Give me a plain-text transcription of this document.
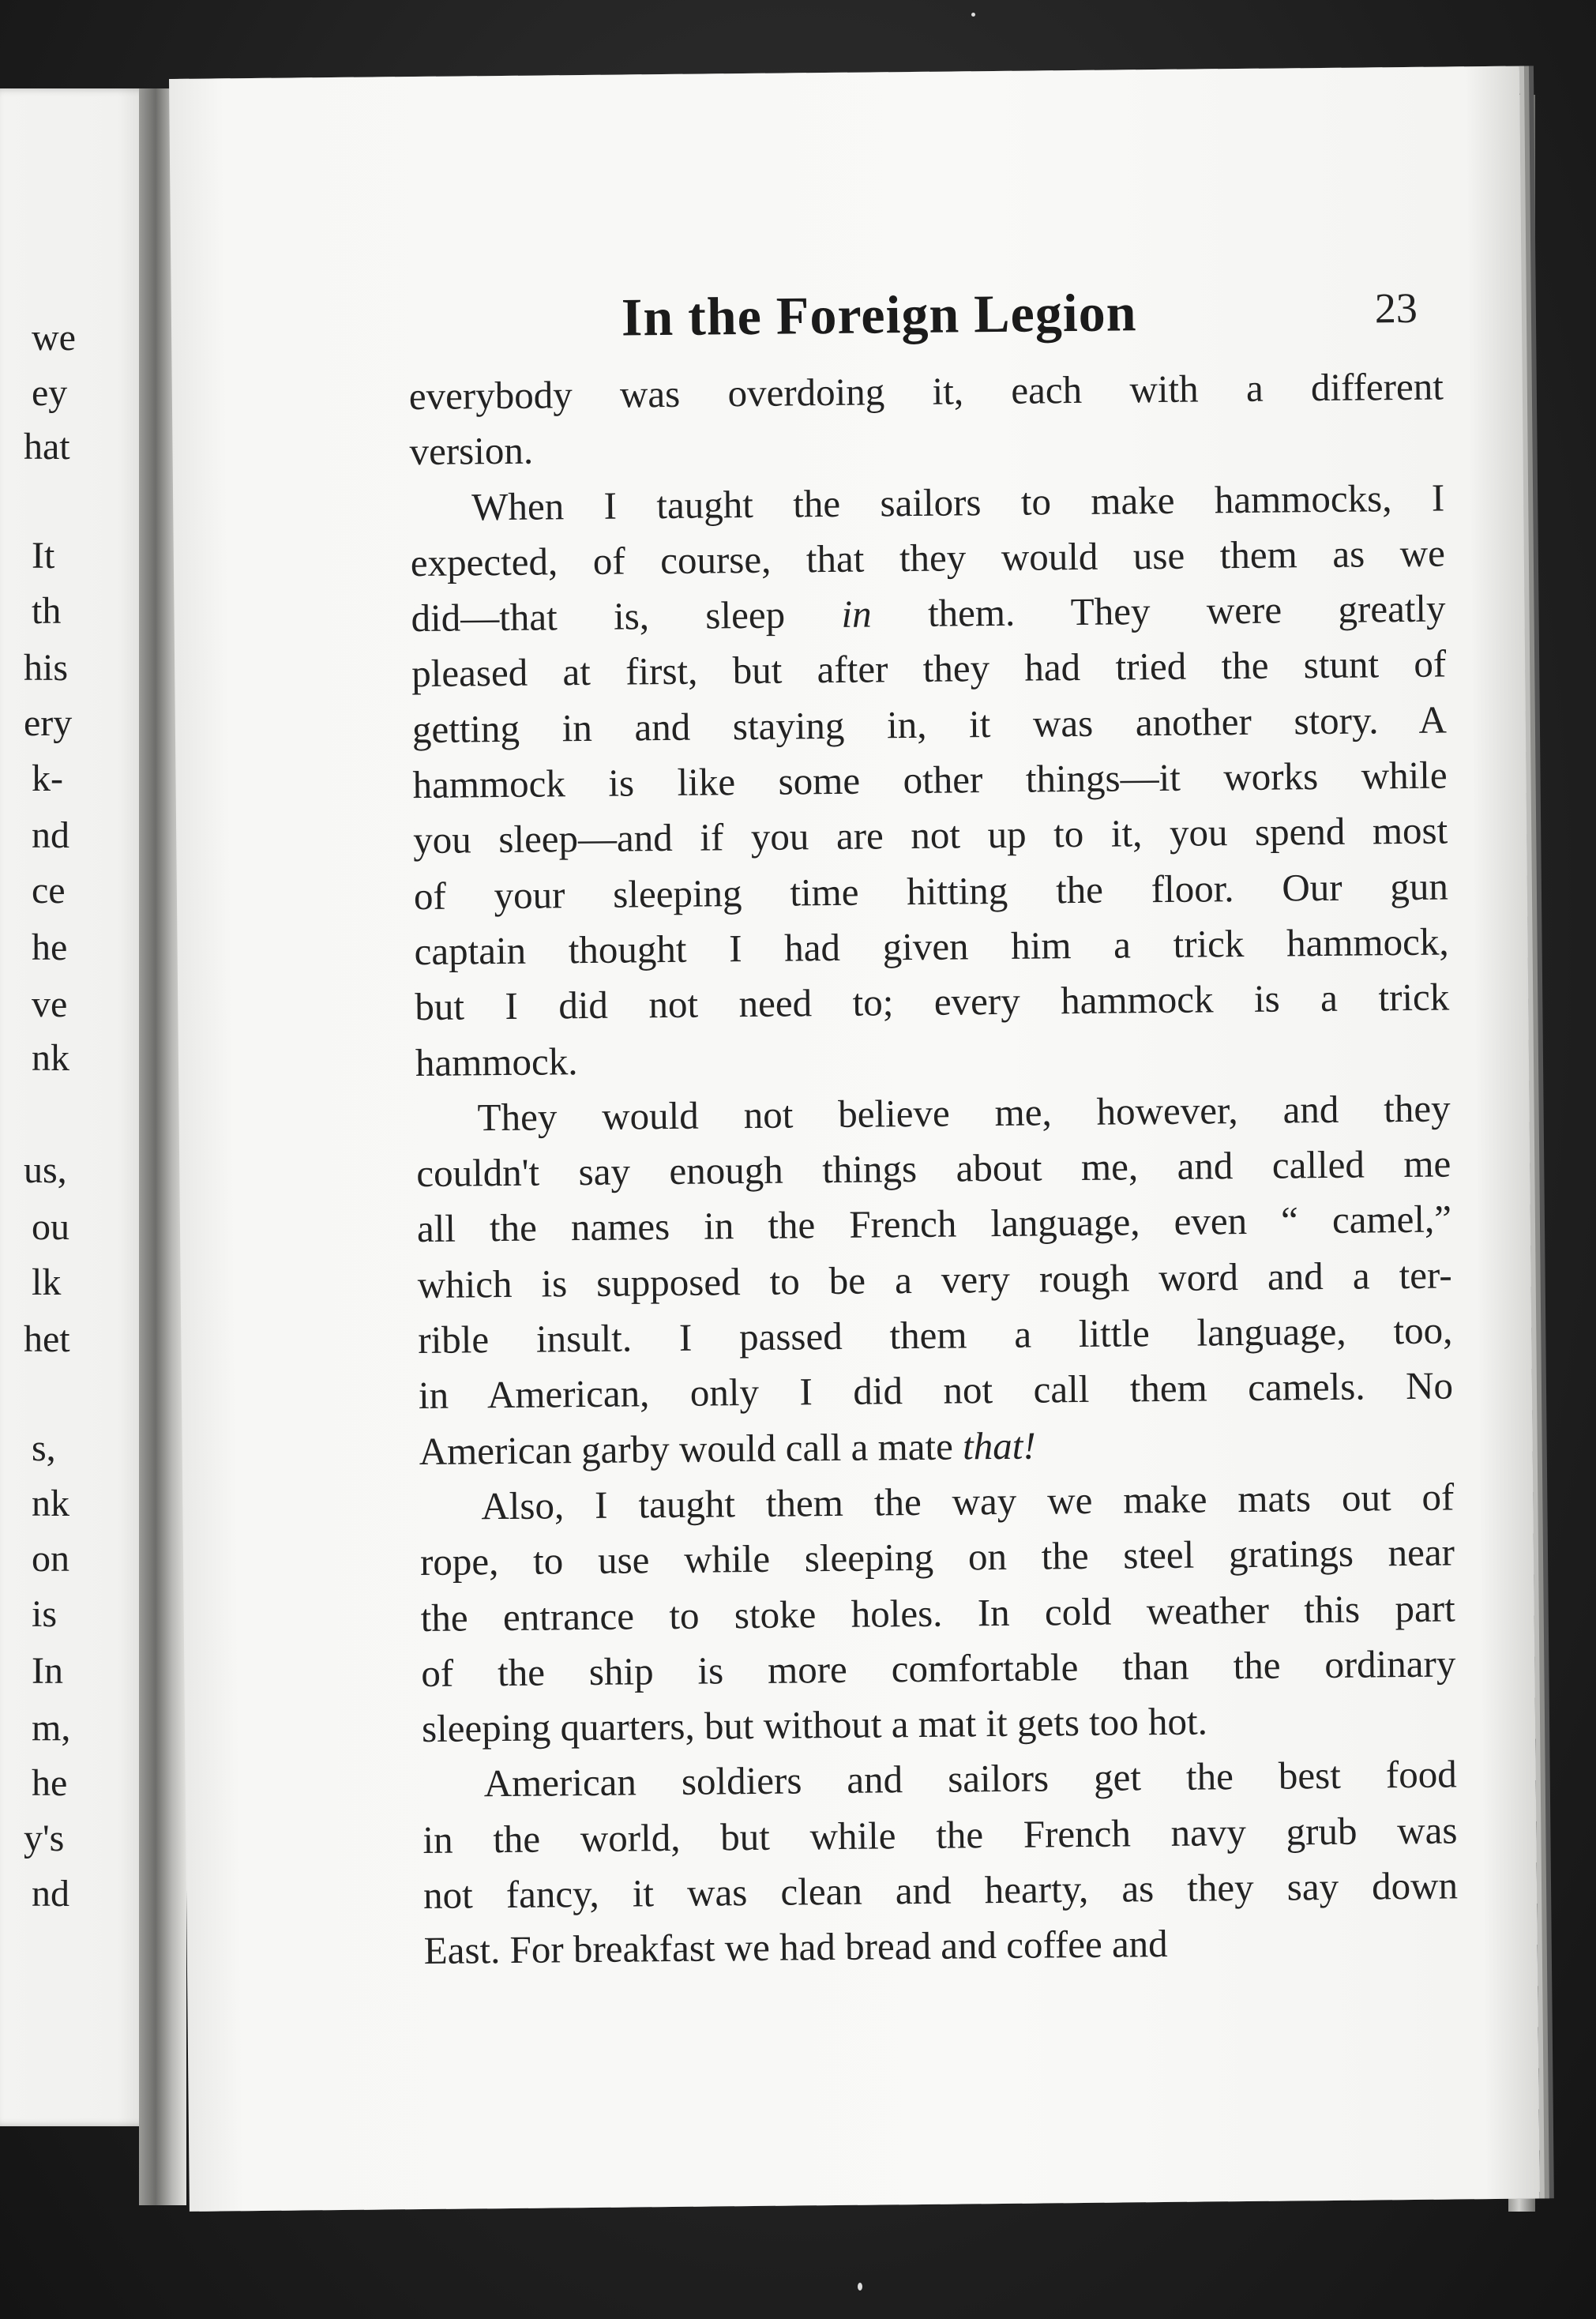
we
ey
hat
It
th
his
ery
k-
nd
ce
he
ve
nk
us,
ou
lk
het
s,
nk
on
is
In
m,
he
y's
nd
In the Foreign Legion	23
everybody was overdoing it, each with a different
version.
When I taught the sailors to make hammocks, I
expected, of course, that they would use them as we
did—that is, sleep in them. They were greatly
pleased at first, but after they had tried the stunt of
getting in and staying in, it was another story. A
hammock is like some other things—it works while
you sleep—and if you are not up to it, you spend most
of your sleeping time hitting the floor. Our gun
captain thought I had given him a trick hammock,
but I did not need to; every hammock is a trick
hammock.
They would not believe me, however, and they
couldn't say enough things about me, and called me
all the names in the French language, even “ camel,”
which is supposed to be a very rough word and a ter-
rible insult. I passed them a little language, too,
in American, only I did not call them camels. No
American garby would call a mate that!
Also, I taught them the way we make mats out of
rope, to use while sleeping on the steel gratings near
the entrance to stoke holes. In cold weather this part
of the ship is more comfortable than the ordinary
sleeping quarters, but without a mat it gets too hot.
American soldiers and sailors get the best food
in the world, but while the French navy grub was
not fancy, it was clean and hearty, as they say down
East. For breakfast we had bread and coffee and
